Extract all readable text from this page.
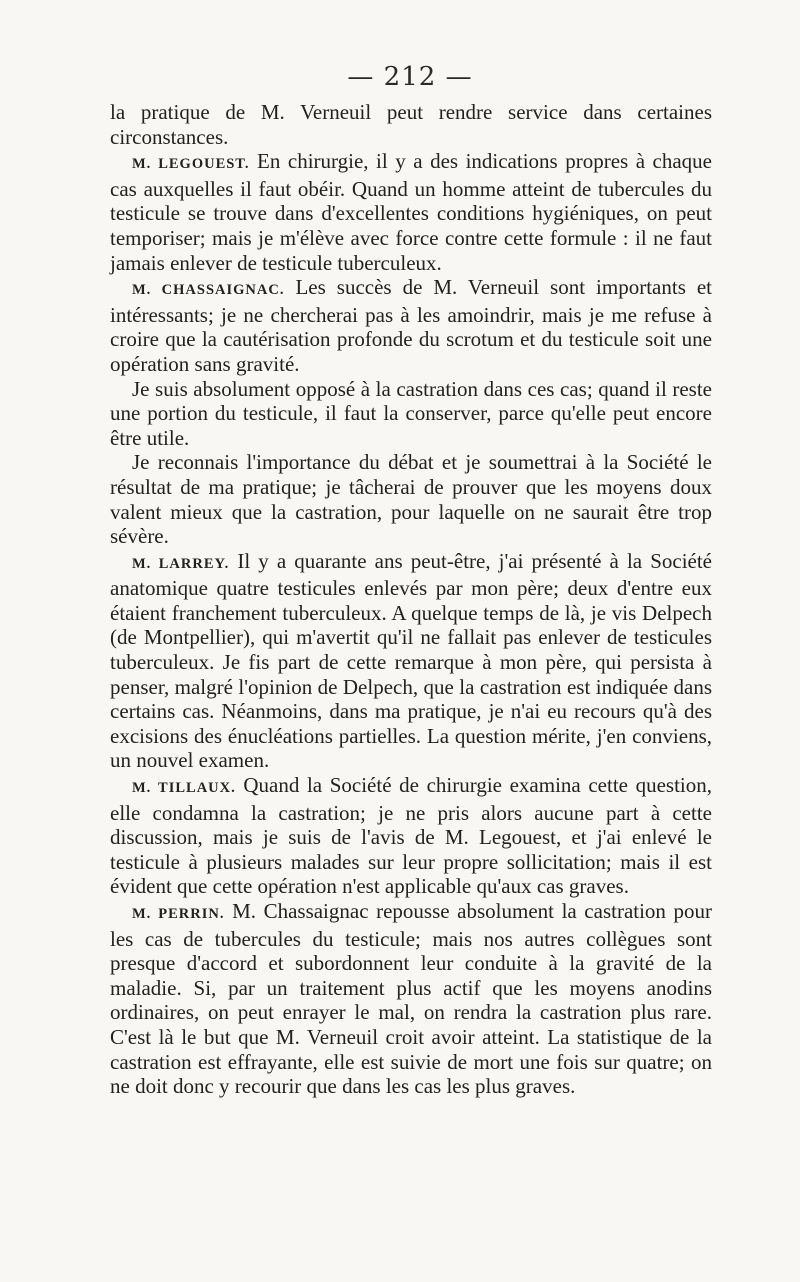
— 212 —

la pratique de M. Verneuil peut rendre service dans certaines circonstances.

M. LEGOUEST. En chirurgie, il y a des indications propres à chaque cas auxquelles il faut obéir. Quand un homme atteint de tubercules du testicule se trouve dans d'excellentes conditions hygiéniques, on peut temporiser; mais je m'élève avec force contre cette formule : il ne faut jamais enlever de testicule tuberculeux.

M. CHASSAIGNAC. Les succès de M. Verneuil sont importants et intéressants; je ne chercherai pas à les amoindrir, mais je me refuse à croire que la cautérisation profonde du scrotum et du testicule soit une opération sans gravité.

Je suis absolument opposé à la castration dans ces cas; quand il reste une portion du testicule, il faut la conserver, parce qu'elle peut encore être utile.

Je reconnais l'importance du débat et je soumettrai à la Société le résultat de ma pratique; je tâcherai de prouver que les moyens doux valent mieux que la castration, pour laquelle on ne saurait être trop sévère.

M. LARREY. Il y a quarante ans peut-être, j'ai présenté à la Société anatomique quatre testicules enlevés par mon père; deux d'entre eux étaient franchement tuberculeux. A quelque temps de là, je vis Delpech (de Montpellier), qui m'avertit qu'il ne fallait pas enlever de testicules tuberculeux. Je fis part de cette remarque à mon père, qui persista à penser, malgré l'opinion de Delpech, que la castration est indiquée dans certains cas. Néanmoins, dans ma pratique, je n'ai eu recours qu'à des excisions des énucléations partielles. La question mérite, j'en conviens, un nouvel examen.

M. TILLAUX. Quand la Société de chirurgie examina cette question, elle condamna la castration; je ne pris alors aucune part à cette discussion, mais je suis de l'avis de M. Legouest, et j'ai enlevé le testicule à plusieurs malades sur leur propre sollicitation; mais il est évident que cette opération n'est applicable qu'aux cas graves.

M. PERRIN. M. Chassaignac repousse absolument la castration pour les cas de tubercules du testicule; mais nos autres collègues sont presque d'accord et subordonnent leur conduite à la gravité de la maladie. Si, par un traitement plus actif que les moyens anodins ordinaires, on peut enrayer le mal, on rendra la castration plus rare. C'est là le but que M. Verneuil croit avoir atteint. La statistique de la castration est effrayante, elle est suivie de mort une fois sur quatre; on ne doit donc y recourir que dans les cas les plus graves.
